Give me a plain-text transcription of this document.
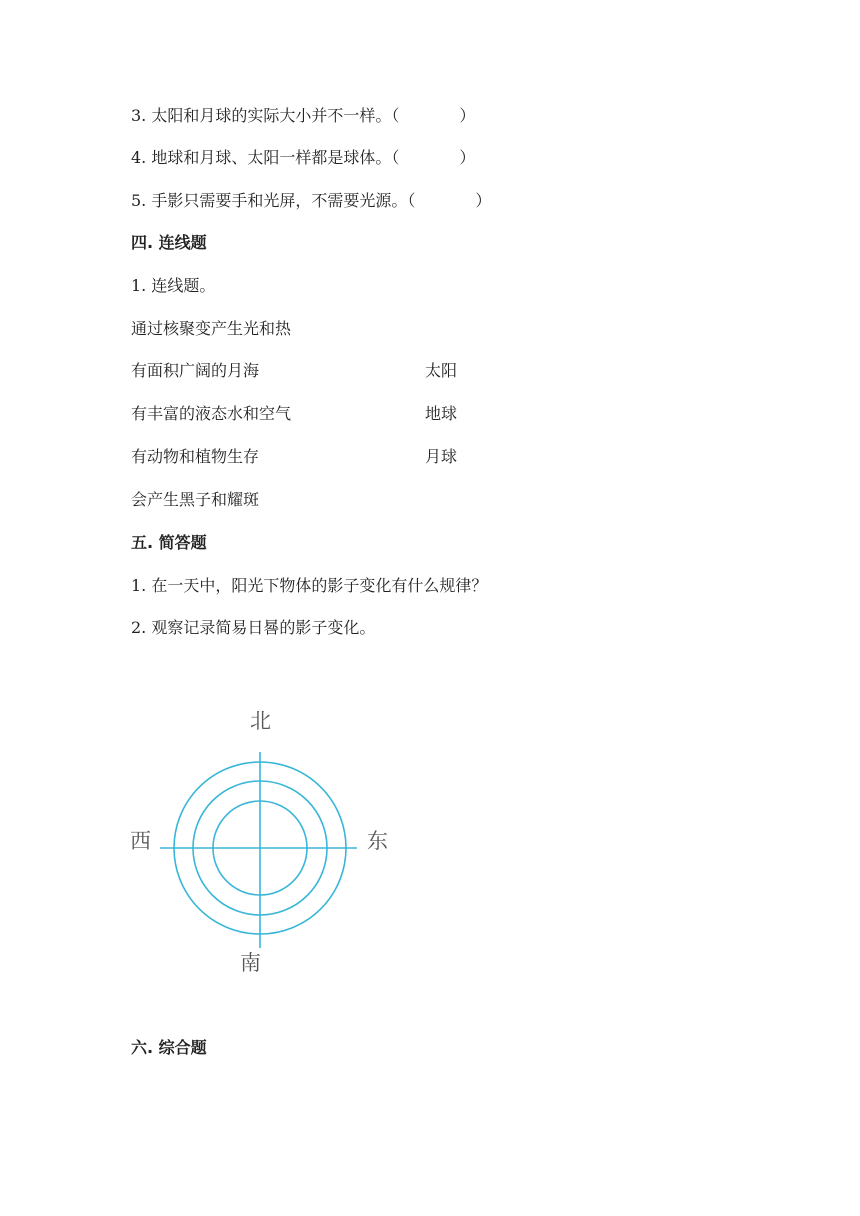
3. 太阳和月球的实际大小并不一样。（	）
4. 地球和月球、太阳一样都是球体。（	）
5. 手影只需要手和光屏，不需要光源。（	）
四. 连线题
1. 连线题。
通过核聚变产生光和热
有面积广阔的月海	太阳
有丰富的液态水和空气	地球
有动物和植物生存	月球
会产生黑子和耀斑
五. 简答题
1. 在一天中，阳光下物体的影子变化有什么规律？
2. 观察记录简易日晷的影子变化。
北
西	东
南
六. 综合题
